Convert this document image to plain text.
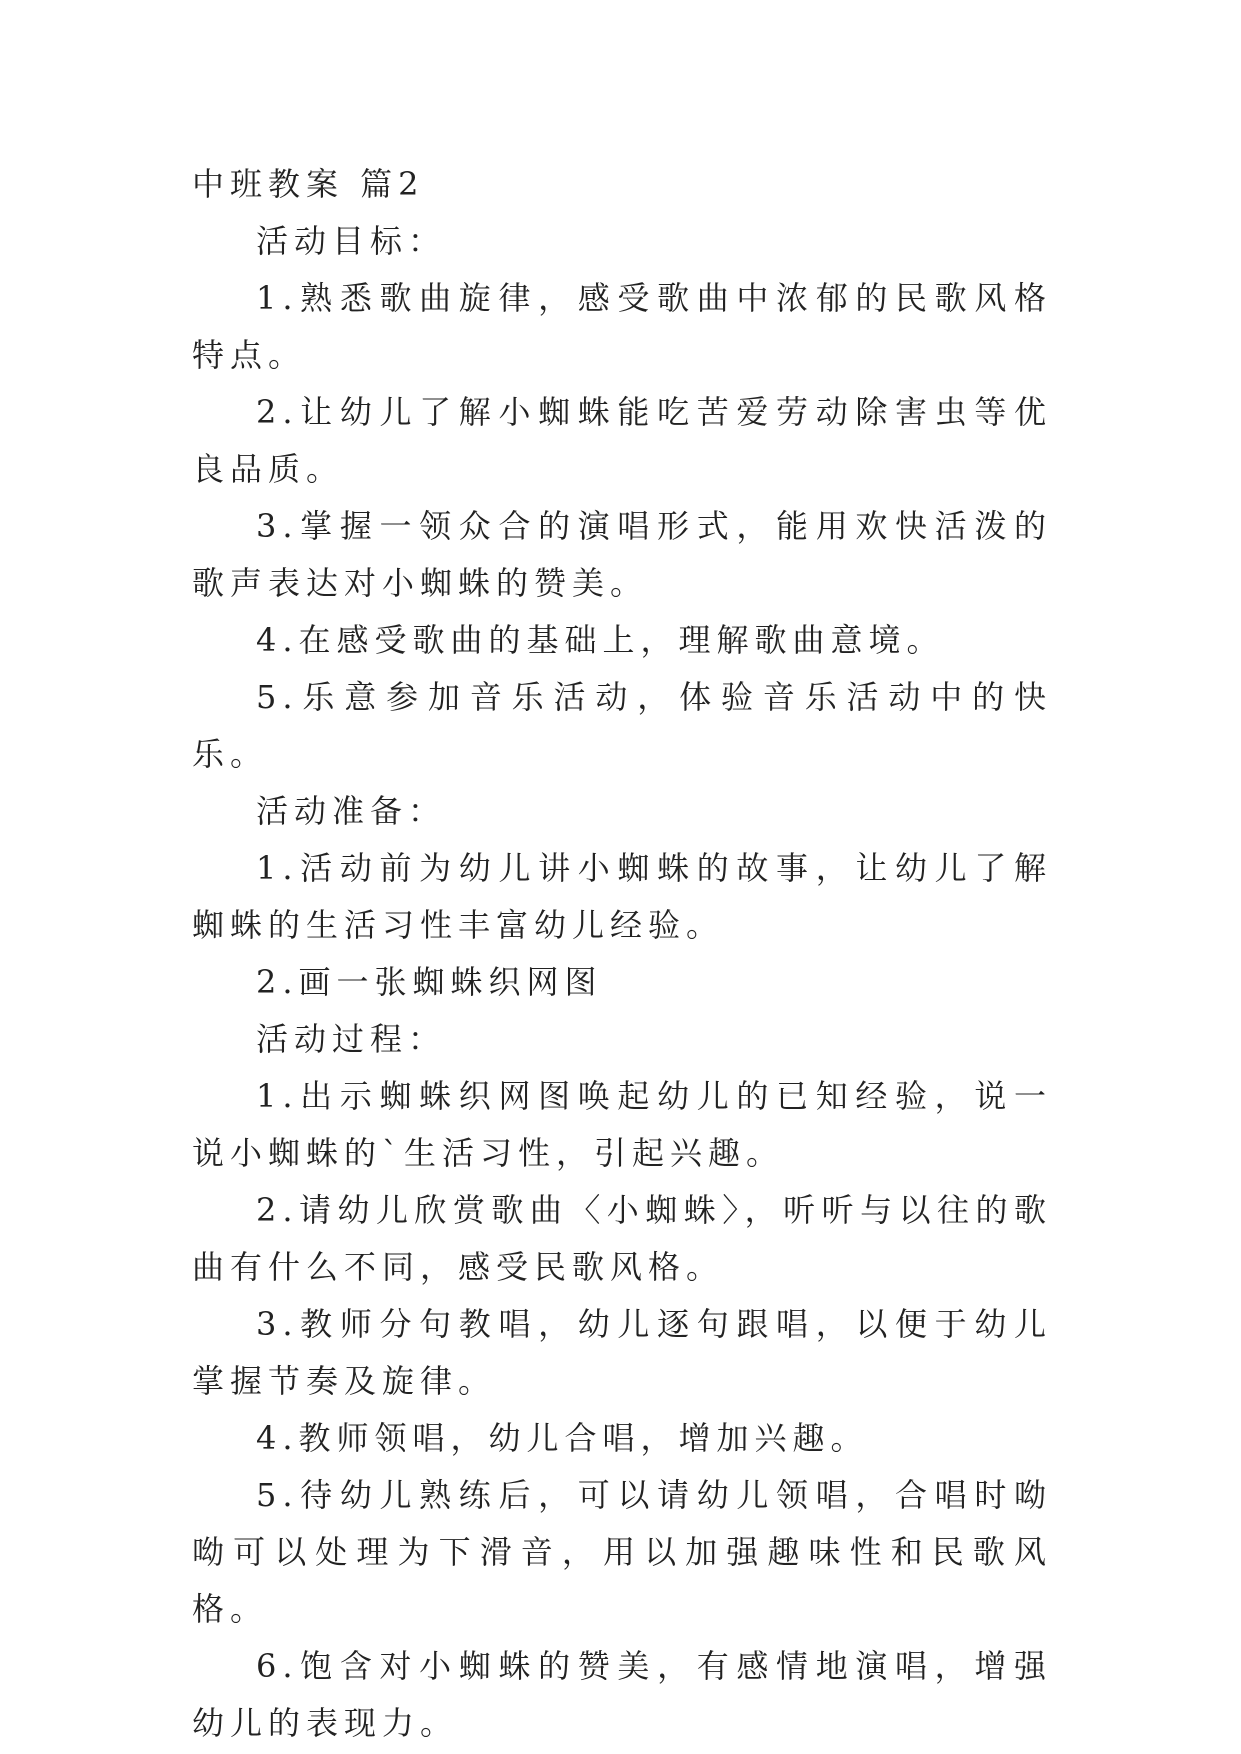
中班教案 篇2

活动目标：

1.熟悉歌曲旋律，感受歌曲中浓郁的民歌风格特点。

2.让幼儿了解小蜘蛛能吃苦爱劳动除害虫等优良品质。

3.掌握一领众合的演唱形式，能用欢快活泼的歌声表达对小蜘蛛的赞美。

4.在感受歌曲的基础上，理解歌曲意境。

5.乐意参加音乐活动，体验音乐活动中的快乐。

活动准备：

1.活动前为幼儿讲小蜘蛛的故事，让幼儿了解蜘蛛的生活习性丰富幼儿经验。

2.画一张蜘蛛织网图

活动过程：

1.出示蜘蛛织网图唤起幼儿的已知经验，说一说小蜘蛛的`生活习性，引起兴趣。

2.请幼儿欣赏歌曲〈小蜘蛛〉，听听与以往的歌曲有什么不同，感受民歌风格。

3.教师分句教唱，幼儿逐句跟唱，以便于幼儿掌握节奏及旋律。

4.教师领唱，幼儿合唱，增加兴趣。

5.待幼儿熟练后，可以请幼儿领唱，合唱时呦呦可以处理为下滑音，用以加强趣味性和民歌风格。

6.饱含对小蜘蛛的赞美，有感情地演唱，增强幼儿的表现力。
